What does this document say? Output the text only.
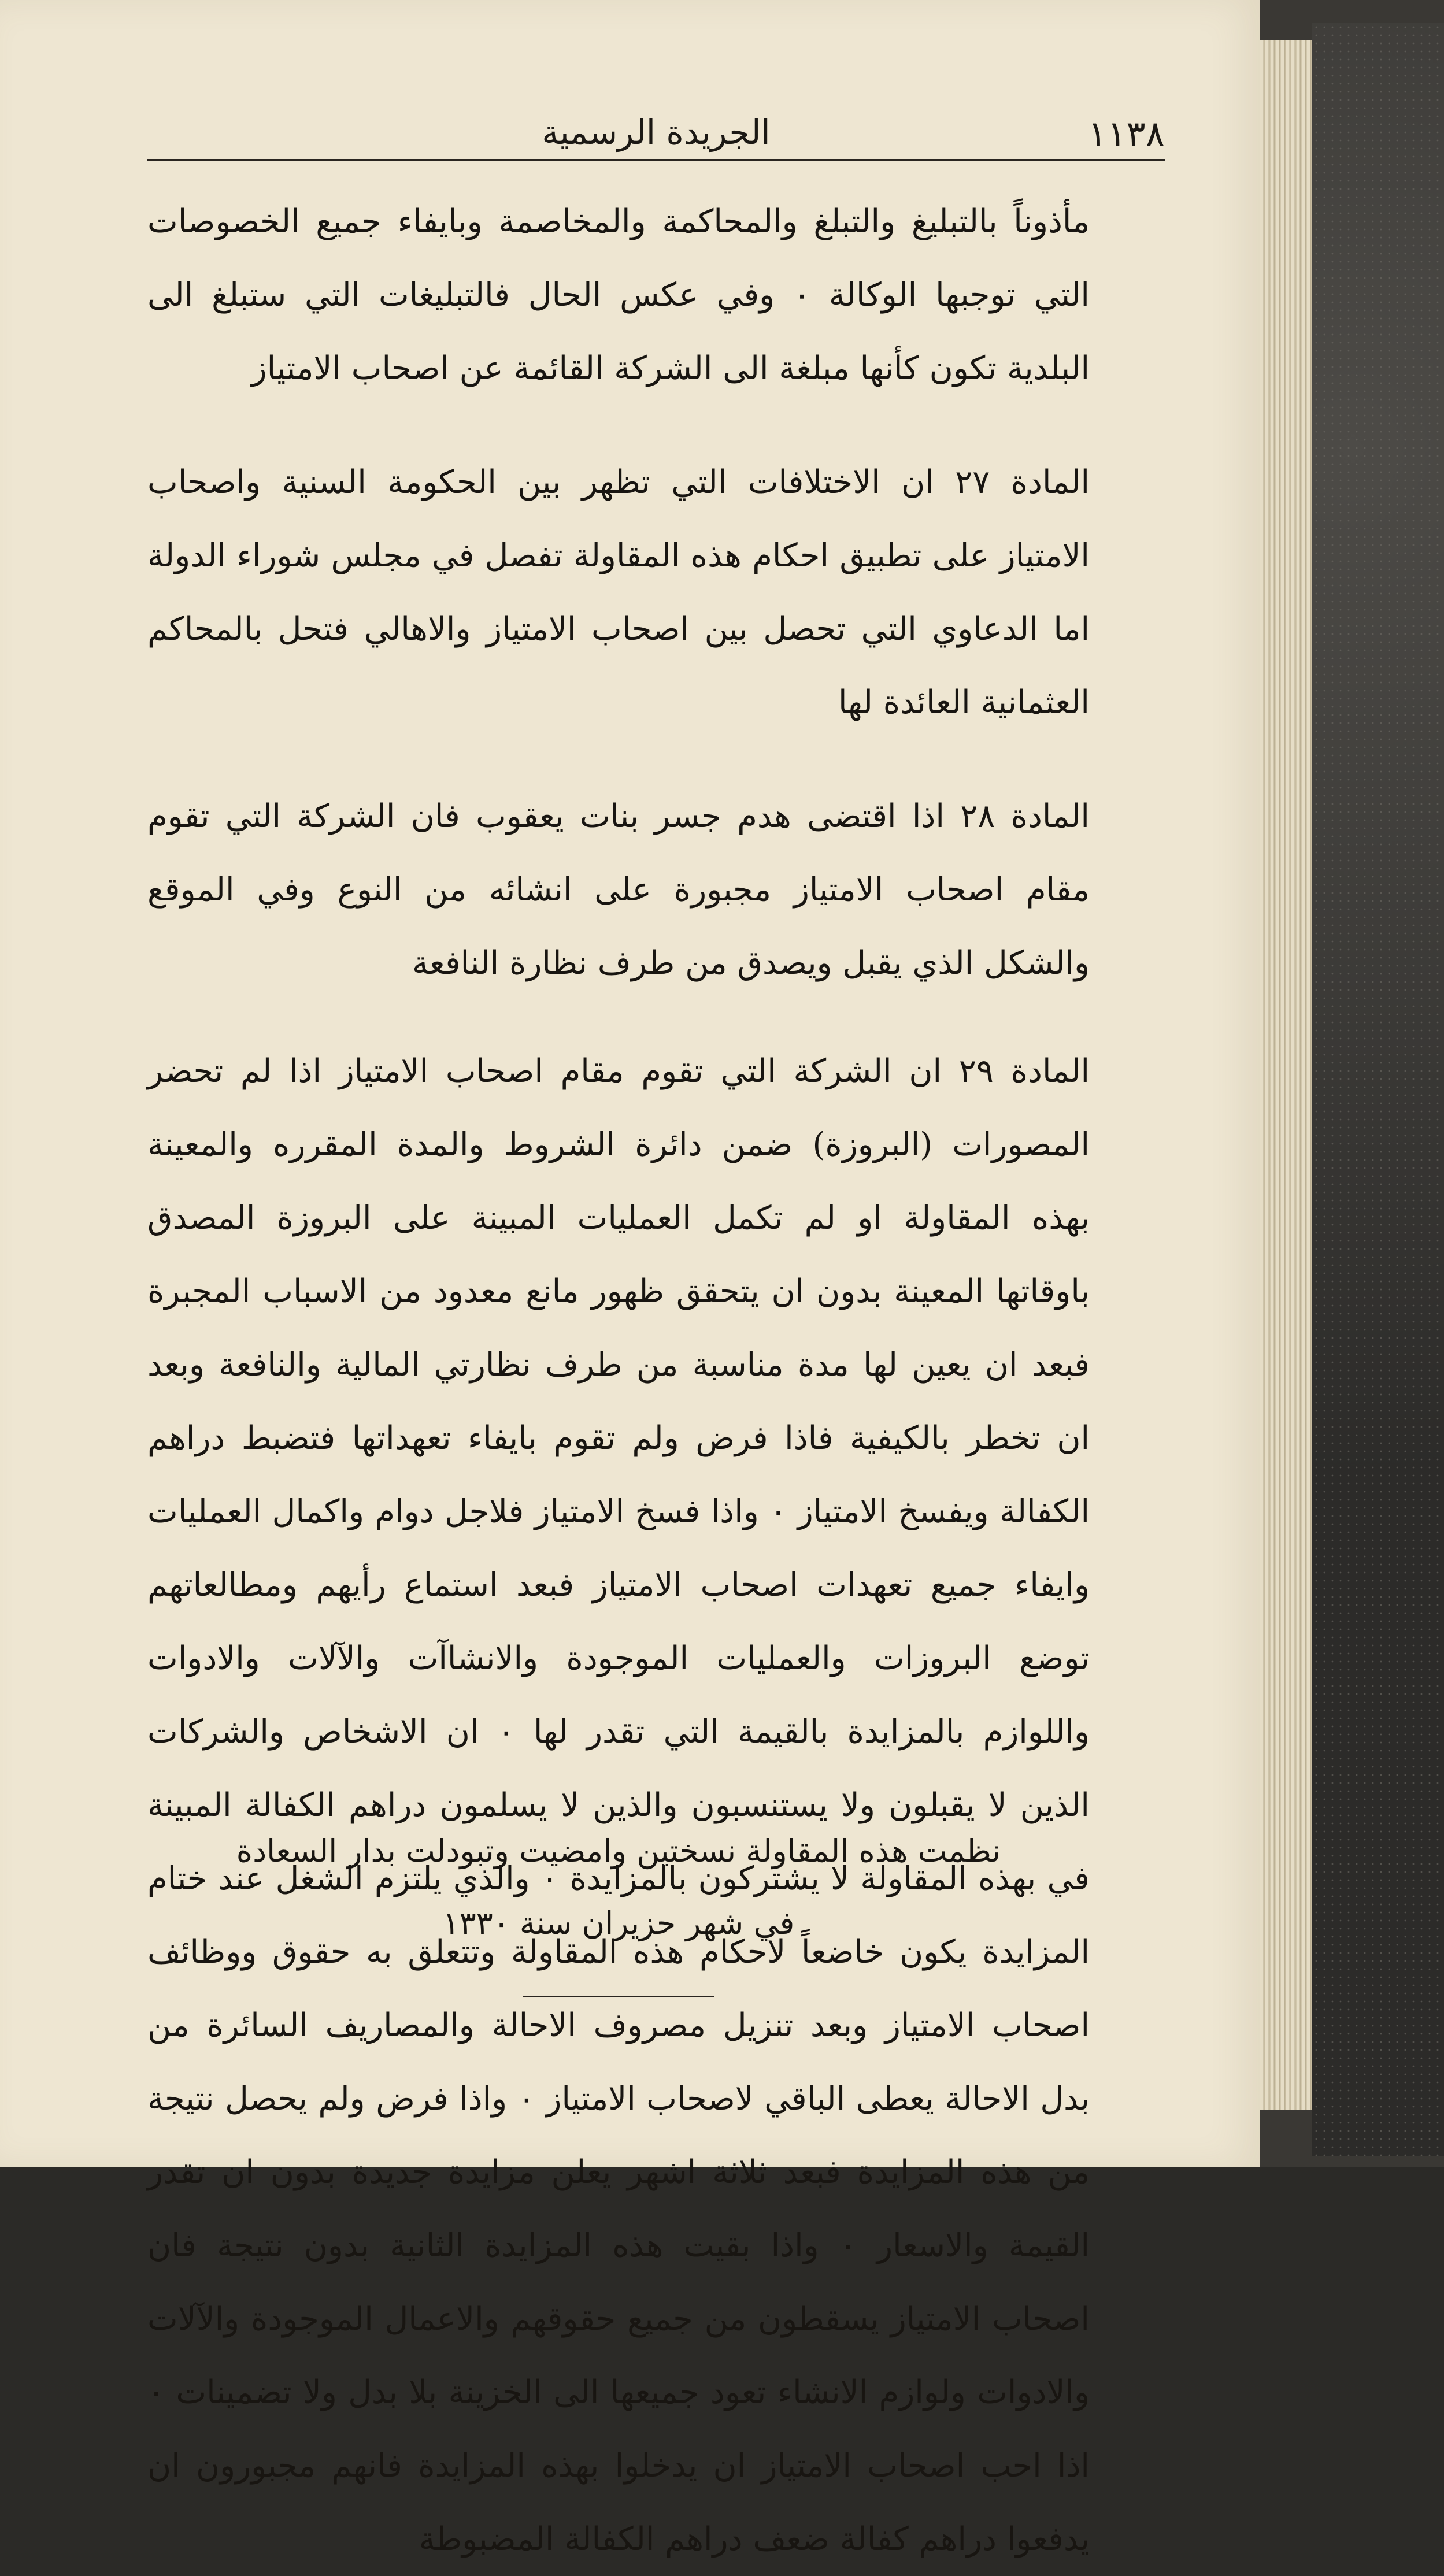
١١٣٨
الجريدة الرسمية

مأذوناً بالتبليغ والتبلغ والمحاكمة والمخاصمة وبايفاء جميع الخصوصات التي توجبها الوكالة ٠ وفي عكس الحال فالتبليغات التي ستبلغ الى البلدية تكون كأنها مبلغة الى الشركة القائمة عن اصحاب الامتياز

المادة ٢٧ ان الاختلافات التي تظهر بين الحكومة السنية واصحاب الامتياز على تطبيق احكام هذه المقاولة تفصل في مجلس شوراء الدولة اما الدعاوي التي تحصل بين اصحاب الامتياز والاهالي فتحل بالمحاكم العثمانية العائدة لها

المادة ٢٨ اذا اقتضى هدم جسر بنات يعقوب فان الشركة التي تقوم مقام اصحاب الامتياز مجبورة على انشائه من النوع وفي الموقع والشكل الذي يقبل ويصدق من طرف نظارة النافعة

المادة ٢٩ ان الشركة التي تقوم مقام اصحاب الامتياز اذا لم تحضر المصورات (البروزة) ضمن دائرة الشروط والمدة المقرره والمعينة بهذه المقاولة او لم تكمل العمليات المبينة على البروزة المصدق باوقاتها المعينة بدون ان يتحقق ظهور مانع معدود من الاسباب المجبرة فبعد ان يعين لها مدة مناسبة من طرف نظارتي المالية والنافعة وبعد ان تخطر بالكيفية فاذا فرض ولم تقوم بايفاء تعهداتها فتضبط دراهم الكفالة ويفسخ الامتياز ٠ واذا فسخ الامتياز فلاجل دوام واكمال العمليات وايفاء جميع تعهدات اصحاب الامتياز فبعد استماع رأيهم ومطالعاتهم توضع البروزات والعمليات الموجودة والانشاآت والآلات والادوات واللوازم بالمزايدة بالقيمة التي تقدر لها ٠ ان الاشخاص والشركات الذين لا يقبلون ولا يستنسبون والذين لا يسلمون دراهم الكفالة المبينة في بهذه المقاولة لا يشتركون بالمزايدة ٠ والذي يلتزم الشغل عند ختام المزايدة يكون خاضعاً لاحكام هذه المقاولة وتتعلق به حقوق ووظائف اصحاب الامتياز وبعد تنزيل مصروف الاحالة والمصاريف السائرة من بدل الاحالة يعطى الباقي لاصحاب الامتياز ٠ واذا فرض ولم يحصل نتيجة من هذه المزايدة فبعد ثلاثة اشهر يعلن مزايدة جديدة بدون ان تقدر القيمة والاسعار ٠ واذا بقيت هذه المزايدة الثانية بدون نتيجة فان اصحاب الامتياز يسقطون من جميع حقوقهم والاعمال الموجودة والآلات والادوات ولوازم الانشاء تعود جميعها الى الخزينة بلا بدل ولا تضمينات ٠ اذا احب اصحاب الامتياز ان يدخلوا بهذه المزايدة فانهم مجبورون ان يدفعوا دراهم كفالة ضعف دراهم الكفالة المضبوطة

نظمت هذه المقاولة نسختين وامضيت وتبودلت بدار السعادة
في شهر حزيران سنة ١٣٣٠
